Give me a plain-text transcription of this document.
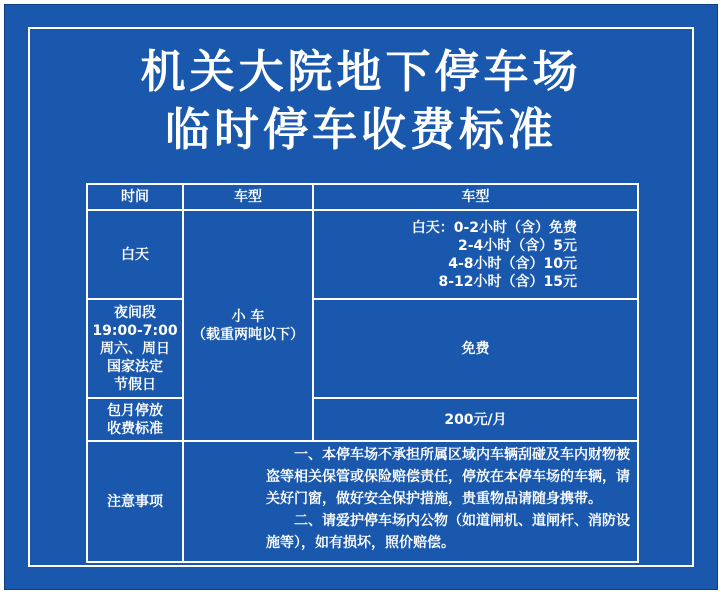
机关大院地下停车场
临时停车收费标准
时间	车型	车型
白天
白天：0-2小时（含）免费
2-4小时（含）5元
4-8小时（含）10元
8-12小时（含）15元
小 车
（载重两吨以下）
夜间段
19:00-7:00
周六、周日
国家法定
节假日
免费
包月停放
收费标准
200元/月
注意事项

一、本停车场不承担所属区域内车辆刮碰及车内财物被盗等相关保管或保险赔偿责任，停放在本停车场的车辆，请关好门窗，做好安全保护措施，贵重物品请随身携带。

二、请爱护停车场内公物（如道闸机、道闸杆、消防设施等），如有损坏，照价赔偿。
